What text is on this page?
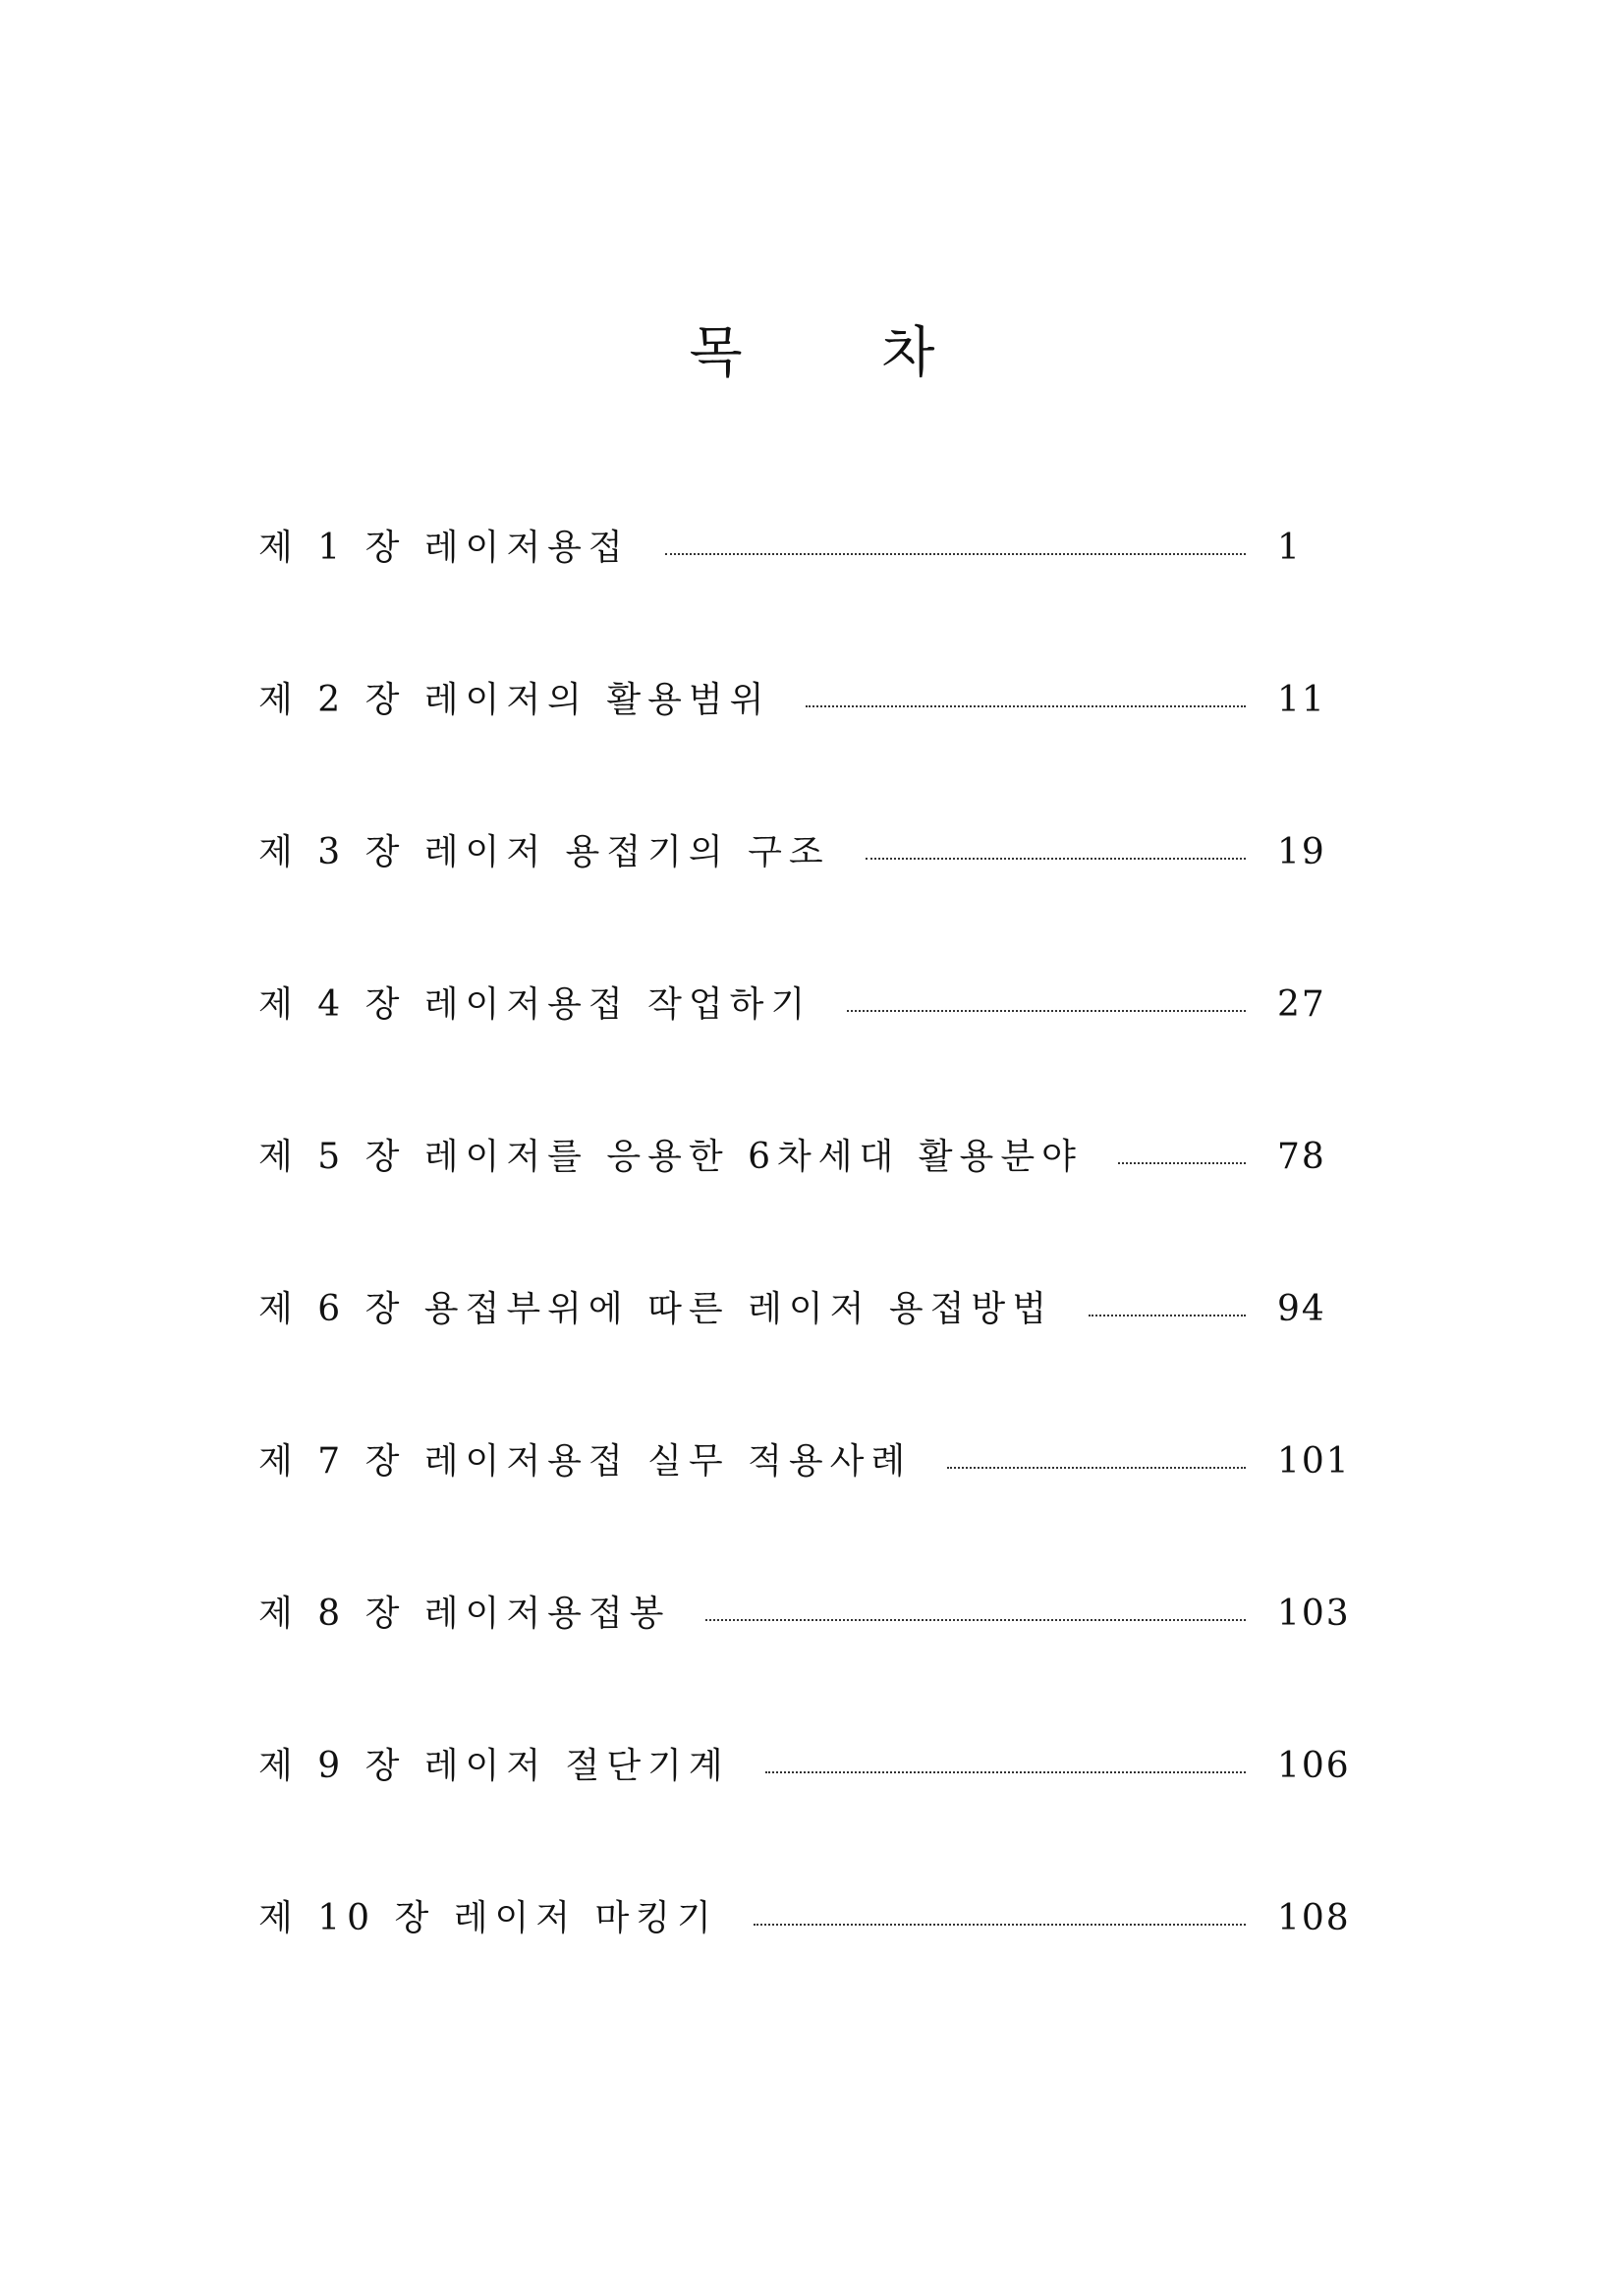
목 차
제 1 장 레이저용접	1
제 2 장 레이저의 활용범위	11
제 3 장 레이저 용접기의 구조	19
제 4 장 레이저용접 작업하기	27
제 5 장 레이저를 응용한 6차세대 활용분야	78
제 6 장 용접부위에 따른 레이저 용접방법	94
제 7 장 레이저용접 실무 적용사례	101
제 8 장 레이저용접봉	103
제 9 장 레이저 절단기계	106
제 10 장 레이저 마킹기	108
